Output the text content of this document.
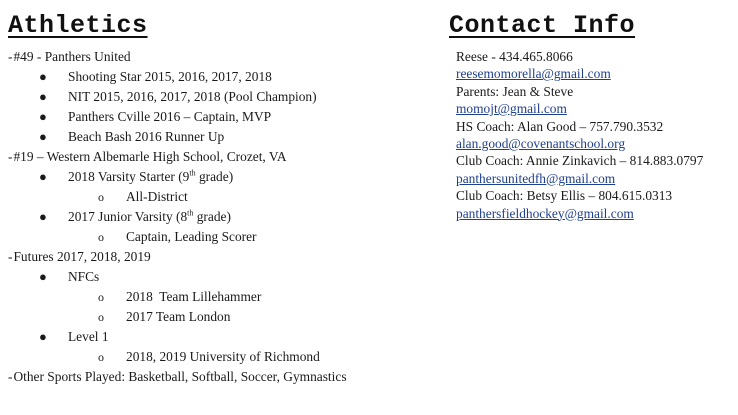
Athletics	Contact Info
-#49 - Panthers United
● Shooting Star 2015, 2016, 2017, 2018
● NIT 2015, 2016, 2017, 2018 (Pool Champion)
● Panthers Cville 2016 – Captain, MVP
● Beach Bash 2016 Runner Up
-#19 – Western Albemarle High School, Crozet, VA
● 2018 Varsity Starter (9th grade)
o All-District
● 2017 Junior Varsity (8th grade)
o Captain, Leading Scorer
-Futures 2017, 2018, 2019
● NFCs
o 2018  Team Lillehammer
o 2017 Team London
● Level 1
o 2018, 2019 University of Richmond
-Other Sports Played: Basketball, Softball, Soccer, Gymnastics
Reese - 434.465.8066
reesemomorella@gmail.com
Parents: Jean & Steve
momojt@gmail.com
HS Coach: Alan Good – 757.790.3532
alan.good@covenantschool.org
Club Coach: Annie Zinkavich – 814.883.0797
panthersunitedfh@gmail.com
Club Coach: Betsy Ellis – 804.615.0313
panthersfieldhockey@gmail.com
